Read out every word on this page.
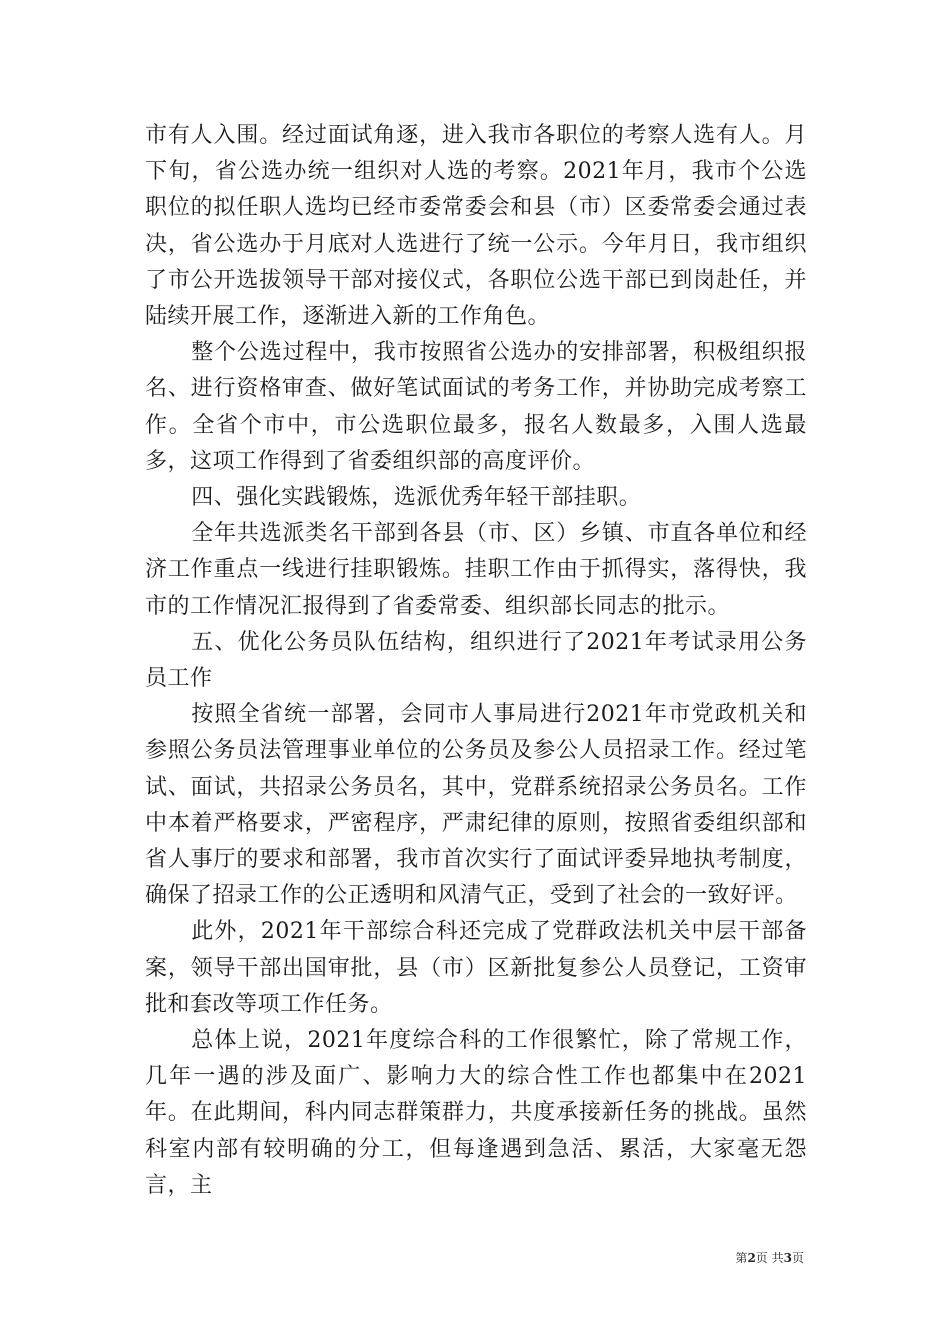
市有人入围。经过面试角逐，进入我市各职位的考察人选有人。月下旬，省公选办统一组织对人选的考察。2021年月，我市个公选职位的拟任职人选均已经市委常委会和县（市）区委常委会通过表决，省公选办于月底对人选进行了统一公示。今年月日，我市组织了市公开选拔领导干部对接仪式，各职位公选干部已到岗赴任，并陆续开展工作，逐渐进入新的工作角色。

整个公选过程中，我市按照省公选办的安排部署，积极组织报名、进行资格审查、做好笔试面试的考务工作，并协助完成考察工作。全省个市中，市公选职位最多，报名人数最多，入围人选最多，这项工作得到了省委组织部的高度评价。

四、强化实践锻炼，选派优秀年轻干部挂职。

全年共选派类名干部到各县（市、区）乡镇、市直各单位和经济工作重点一线进行挂职锻炼。挂职工作由于抓得实，落得快，我市的工作情况汇报得到了省委常委、组织部长同志的批示。

五、优化公务员队伍结构，组织进行了2021年考试录用公务员工作

按照全省统一部署，会同市人事局进行2021年市党政机关和参照公务员法管理事业单位的公务员及参公人员招录工作。经过笔试、面试，共招录公务员名，其中，党群系统招录公务员名。工作中本着严格要求，严密程序，严肃纪律的原则，按照省委组织部和省人事厅的要求和部署，我市首次实行了面试评委异地执考制度，确保了招录工作的公正透明和风清气正，受到了社会的一致好评。

此外，2021年干部综合科还完成了党群政法机关中层干部备案，领导干部出国审批，县（市）区新批复参公人员登记，工资审批和套改等项工作任务。

总体上说，2021年度综合科的工作很繁忙，除了常规工作，几年一遇的涉及面广、影响力大的综合性工作也都集中在2021年。在此期间，科内同志群策群力，共度承接新任务的挑战。虽然科室内部有较明确的分工，但每逢遇到急活、累活，大家毫无怨言，主

第2页 共3页
